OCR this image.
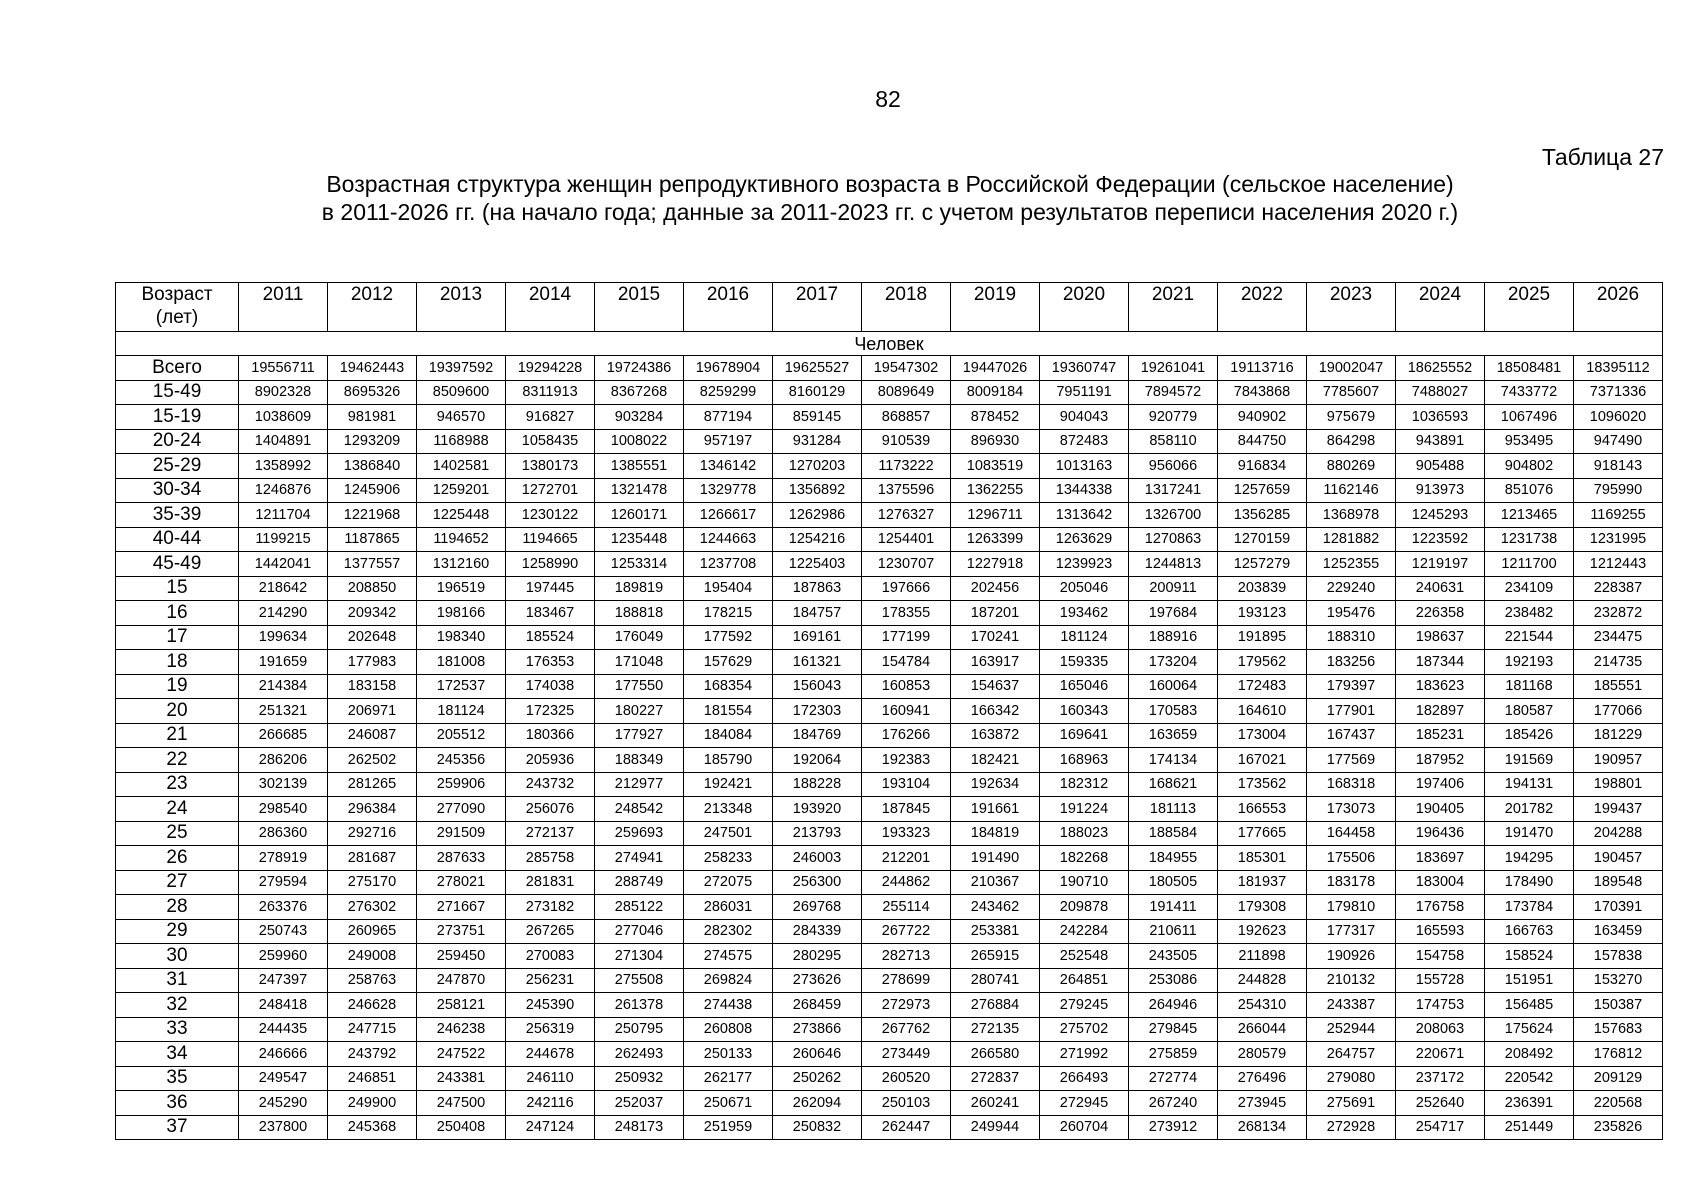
82
Таблица 27
Возрастная структура женщин репродуктивного возраста в Российской Федерации (сельское население)
в 2011-2026 гг. (на начало года; данные за 2011-2023 гг. с учетом результатов переписи населения 2020 г.)
Возраст
(лет)	2011	2012	2013	2014	2015	2016	2017	2018	2019	2020	2021	2022	2023	2024	2025	2026
Человек																
Всего	19556711	19462443	19397592	19294228	19724386	19678904	19625527	19547302	19447026	19360747	19261041	19113716	19002047	18625552	18508481	18395112
15-49	8902328	8695326	8509600	8311913	8367268	8259299	8160129	8089649	8009184	7951191	7894572	7843868	7785607	7488027	7433772	7371336
15-19	1038609	981981	946570	916827	903284	877194	859145	868857	878452	904043	920779	940902	975679	1036593	1067496	1096020
20-24	1404891	1293209	1168988	1058435	1008022	957197	931284	910539	896930	872483	858110	844750	864298	943891	953495	947490
25-29	1358992	1386840	1402581	1380173	1385551	1346142	1270203	1173222	1083519	1013163	956066	916834	880269	905488	904802	918143
30-34	1246876	1245906	1259201	1272701	1321478	1329778	1356892	1375596	1362255	1344338	1317241	1257659	1162146	913973	851076	795990
35-39	1211704	1221968	1225448	1230122	1260171	1266617	1262986	1276327	1296711	1313642	1326700	1356285	1368978	1245293	1213465	1169255
40-44	1199215	1187865	1194652	1194665	1235448	1244663	1254216	1254401	1263399	1263629	1270863	1270159	1281882	1223592	1231738	1231995
45-49	1442041	1377557	1312160	1258990	1253314	1237708	1225403	1230707	1227918	1239923	1244813	1257279	1252355	1219197	1211700	1212443
15	218642	208850	196519	197445	189819	195404	187863	197666	202456	205046	200911	203839	229240	240631	234109	228387
16	214290	209342	198166	183467	188818	178215	184757	178355	187201	193462	197684	193123	195476	226358	238482	232872
17	199634	202648	198340	185524	176049	177592	169161	177199	170241	181124	188916	191895	188310	198637	221544	234475
18	191659	177983	181008	176353	171048	157629	161321	154784	163917	159335	173204	179562	183256	187344	192193	214735
19	214384	183158	172537	174038	177550	168354	156043	160853	154637	165046	160064	172483	179397	183623	181168	185551
20	251321	206971	181124	172325	180227	181554	172303	160941	166342	160343	170583	164610	177901	182897	180587	177066
21	266685	246087	205512	180366	177927	184084	184769	176266	163872	169641	163659	173004	167437	185231	185426	181229
22	286206	262502	245356	205936	188349	185790	192064	192383	182421	168963	174134	167021	177569	187952	191569	190957
23	302139	281265	259906	243732	212977	192421	188228	193104	192634	182312	168621	173562	168318	197406	194131	198801
24	298540	296384	277090	256076	248542	213348	193920	187845	191661	191224	181113	166553	173073	190405	201782	199437
25	286360	292716	291509	272137	259693	247501	213793	193323	184819	188023	188584	177665	164458	196436	191470	204288
26	278919	281687	287633	285758	274941	258233	246003	212201	191490	182268	184955	185301	175506	183697	194295	190457
27	279594	275170	278021	281831	288749	272075	256300	244862	210367	190710	180505	181937	183178	183004	178490	189548
28	263376	276302	271667	273182	285122	286031	269768	255114	243462	209878	191411	179308	179810	176758	173784	170391
29	250743	260965	273751	267265	277046	282302	284339	267722	253381	242284	210611	192623	177317	165593	166763	163459
30	259960	249008	259450	270083	271304	274575	280295	282713	265915	252548	243505	211898	190926	154758	158524	157838
31	247397	258763	247870	256231	275508	269824	273626	278699	280741	264851	253086	244828	210132	155728	151951	153270
32	248418	246628	258121	245390	261378	274438	268459	272973	276884	279245	264946	254310	243387	174753	156485	150387
33	244435	247715	246238	256319	250795	260808	273866	267762	272135	275702	279845	266044	252944	208063	175624	157683
34	246666	243792	247522	244678	262493	250133	260646	273449	266580	271992	275859	280579	264757	220671	208492	176812
35	249547	246851	243381	246110	250932	262177	250262	260520	272837	266493	272774	276496	279080	237172	220542	209129
36	245290	249900	247500	242116	252037	250671	262094	250103	260241	272945	267240	273945	275691	252640	236391	220568
37	237800	245368	250408	247124	248173	251959	250832	262447	249944	260704	273912	268134	272928	254717	251449	235826
